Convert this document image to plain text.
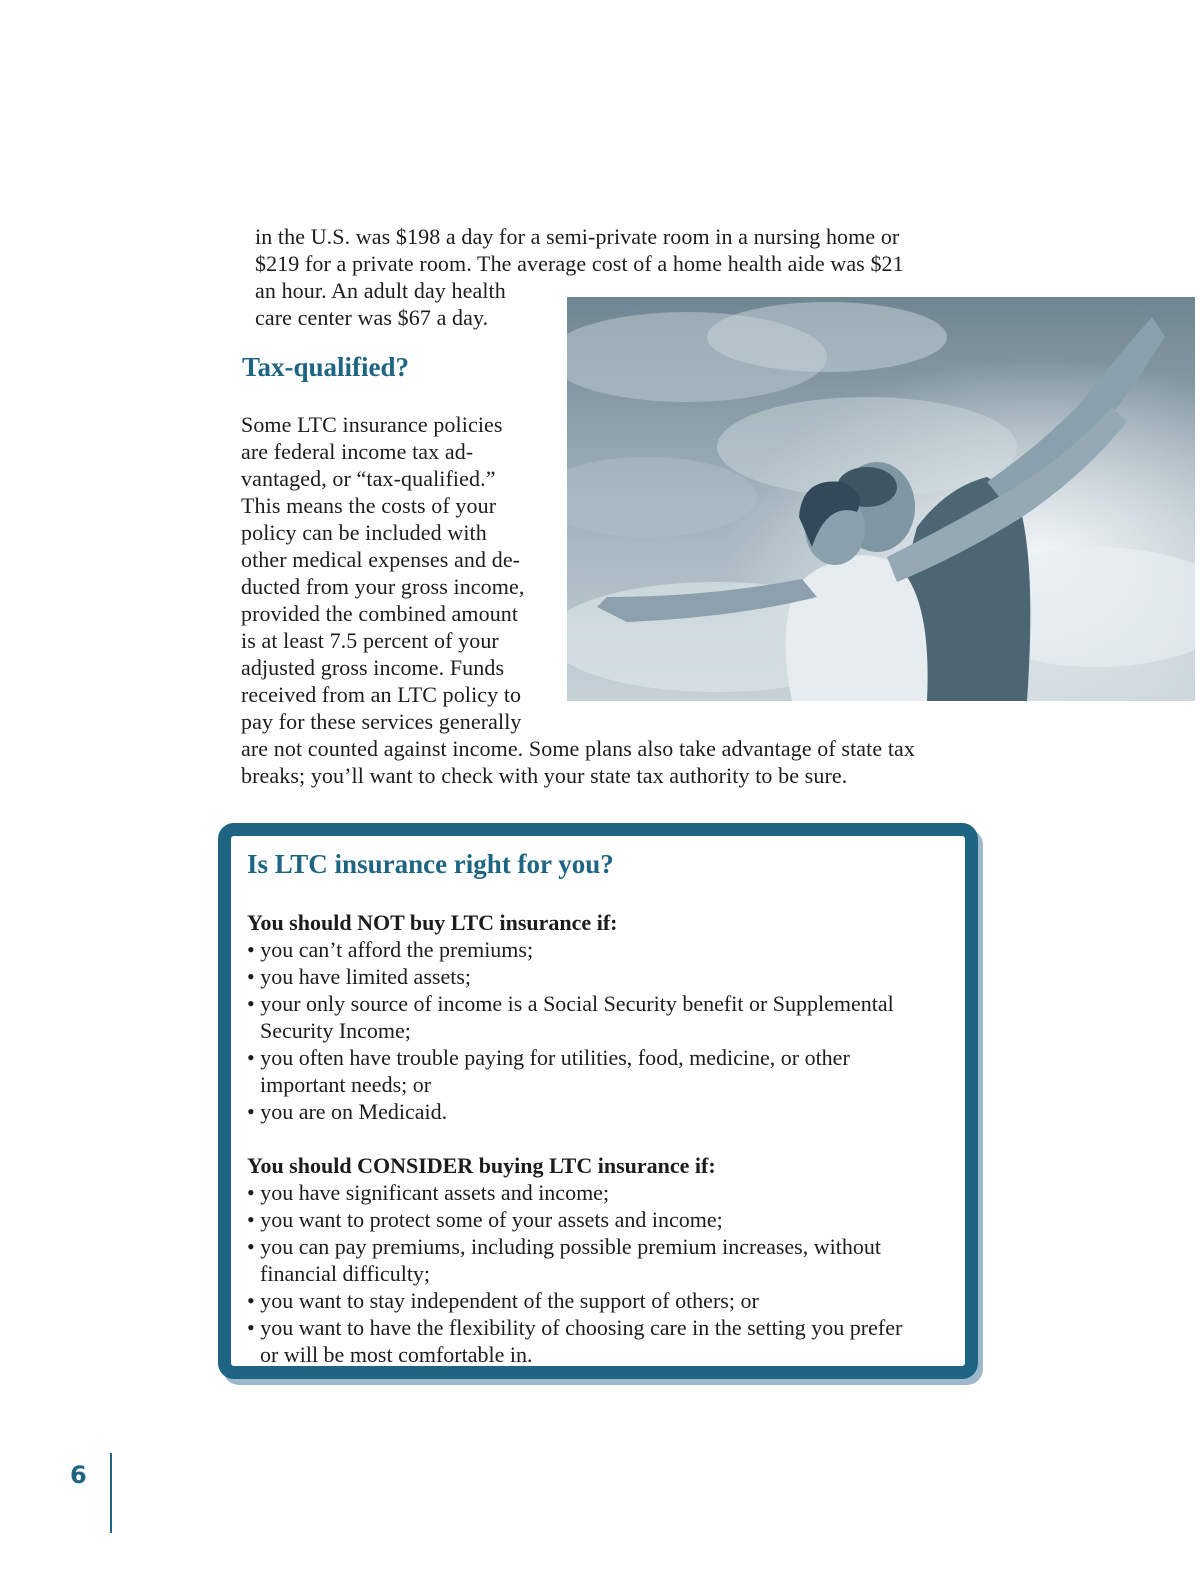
in the U.S. was $198 a day for a semi-private room in a nursing home or
$219 for a private room. The average cost of a home health aide was $21
an hour. An adult day health
care center was $67 a day.
Tax-qualified?
Some LTC insurance policies
are federal income tax ad-
vantaged, or “tax-qualified.”
This means the costs of your
policy can be included with
other medical expenses and de-
ducted from your gross income,
provided the combined amount
is at least 7.5 percent of your
adjusted gross income. Funds
received from an LTC policy to
pay for these services generally
are not counted against income. Some plans also take advantage of state tax
breaks; you’ll want to check with your state tax authority to be sure.
Is LTC insurance right for you?
You should NOT buy LTC insurance if:
• you can’t afford the premiums;
• you have limited assets;
• your only source of income is a Social Security benefit or Supplemental
Security Income;
• you often have trouble paying for utilities, food, medicine, or other
important needs; or
• you are on Medicaid.
You should CONSIDER buying LTC insurance if:
• you have significant assets and income;
• you want to protect some of your assets and income;
• you can pay premiums, including possible premium increases, without
financial difficulty;
• you want to stay independent of the support of others; or
• you want to have the flexibility of choosing care in the setting you prefer
or will be most comfortable in.
6
